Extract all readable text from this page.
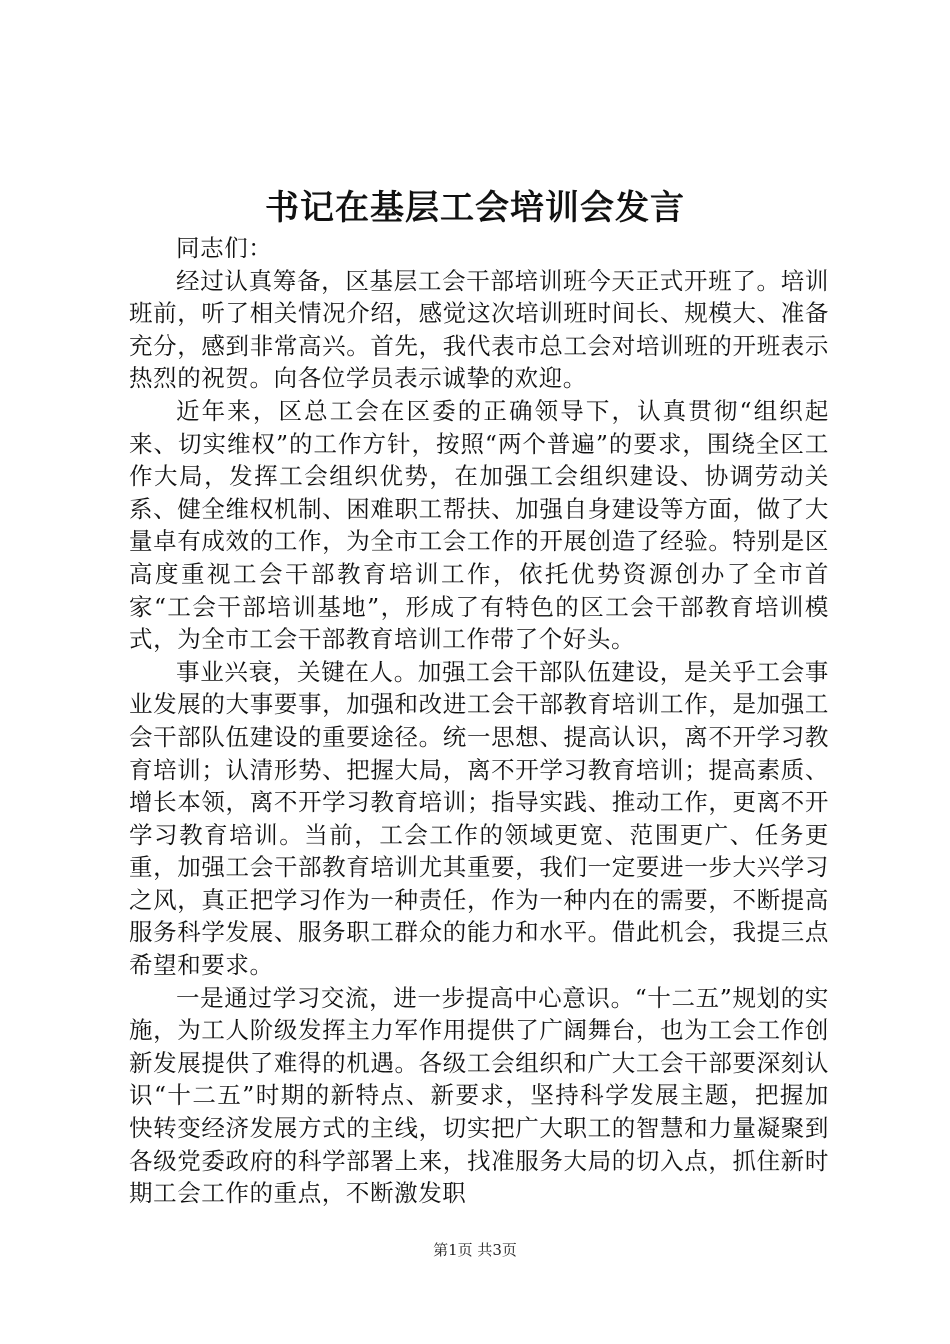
书记在基层工会培训会发言

同志们：

经过认真筹备，区基层工会干部培训班今天正式开班了。培训班前，听了相关情况介绍，感觉这次培训班时间长、规模大、准备充分，感到非常高兴。首先，我代表市总工会对培训班的开班表示热烈的祝贺。向各位学员表示诚挚的欢迎。

近年来，区总工会在区委的正确领导下，认真贯彻“组织起来、切实维权”的工作方针，按照“两个普遍”的要求，围绕全区工作大局，发挥工会组织优势，在加强工会组织建设、协调劳动关系、健全维权机制、困难职工帮扶、加强自身建设等方面，做了大量卓有成效的工作，为全市工会工作的开展创造了经验。特别是区高度重视工会干部教育培训工作，依托优势资源创办了全市首家“工会干部培训基地”，形成了有特色的区工会干部教育培训模式，为全市工会干部教育培训工作带了个好头。

事业兴衰，关键在人。加强工会干部队伍建设，是关乎工会事业发展的大事要事，加强和改进工会干部教育培训工作，是加强工会干部队伍建设的重要途径。统一思想、提高认识，离不开学习教育培训；认清形势、把握大局，离不开学习教育培训；提高素质、增长本领，离不开学习教育培训；指导实践、推动工作，更离不开学习教育培训。当前，工会工作的领域更宽、范围更广、任务更重，加强工会干部教育培训尤其重要，我们一定要进一步大兴学习之风，真正把学习作为一种责任，作为一种内在的需要，不断提高服务科学发展、服务职工群众的能力和水平。借此机会，我提三点希望和要求。

一是通过学习交流，进一步提高中心意识。“十二五”规划的实施，为工人阶级发挥主力军作用提供了广阔舞台，也为工会工作创新发展提供了难得的机遇。各级工会组织和广大工会干部要深刻认识“十二五”时期的新特点、新要求，坚持科学发展主题，把握加快转变经济发展方式的主线，切实把广大职工的智慧和力量凝聚到各级党委政府的科学部署上来，找准服务大局的切入点，抓住新时期工会工作的重点，不断激发职

第1页 共3页
